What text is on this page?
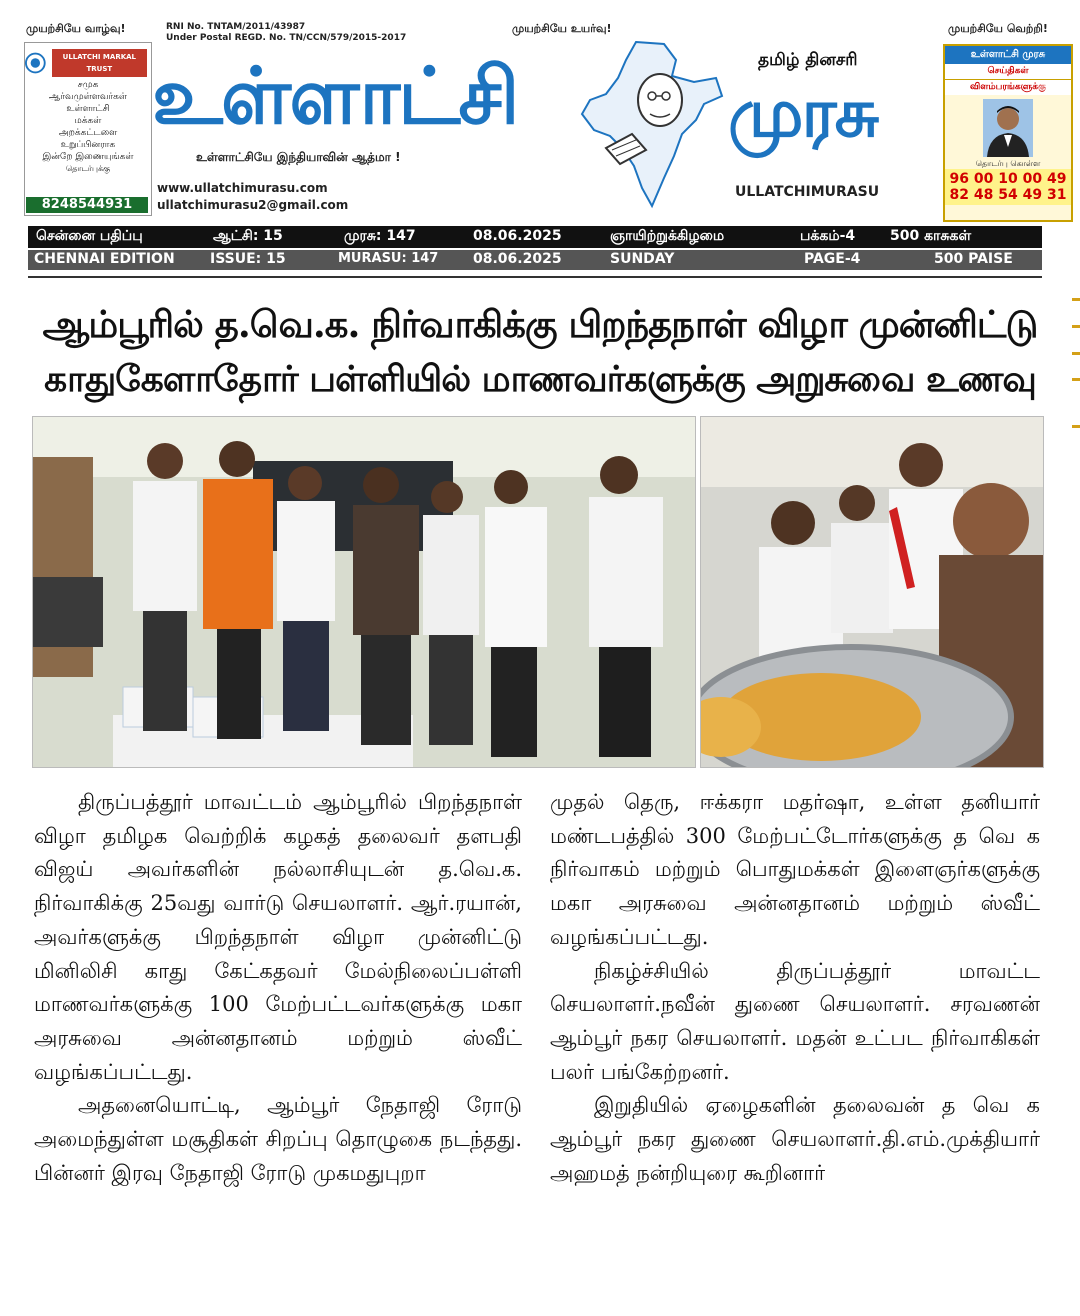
முயற்சியே வாழ்வு!	முயற்சியே உயர்வு!	முயற்சியே வெற்றி!
ULLATCHI MARKAL TRUST
சமுக
ஆர்வமுள்ளவர்கள்
உள்ளாட்சி
மக்கள்
அறக்கட்டளை
உறுப்பினராக
இன்றே இணையுங்கள்
தொடர்புக்கு
8248544931
RNI No. TNTAM/2011/43987
Under Postal REGD. No. TN/CCN/579/2015-2017
உள்ளாட்சி	முரசு
தமிழ் தினசரி
உள்ளாட்சியே இந்தியாவின் ஆத்மா !
www.ullatchimurasu.com
ullatchimurasu2@gmail.com
ULLATCHIMURASU
உள்ளாட்சி முரசு
செய்திகள்
விளம்பரங்களுக்கு
தொடர்பு கொள்ள
96 00 10 00 49
82 48 54 49 31
சென்னை பதிப்பு	ஆட்சி: 15	முரசு: 147	08.06.2025	ஞாயிற்றுக்கிழமை	பக்கம்-4 500 காசுகள்
CHENNAI EDITION	ISSUE: 15	MURASU: 147 08.06.2025	SUNDAY	PAGE-4	500 PAISE
ஆம்பூரில் த.வெ.க. நிர்வாகிக்கு பிறந்தநாள் விழா முன்னிட்டு
காதுகேளாதோர் பள்ளியில் மாணவர்களுக்கு அறுசுவை உணவு

திருப்பத்தூர் மாவட்டம் ஆம்பூரில் பிறந்தநாள் விழா தமிழக வெற்றிக் கழகத் தலைவர் தளபதி விஜய் அவர்களின் நல்லாசியுடன் த.வெ.க. நிர்வாகிக்கு 25வது வார்டு செயலாளர். ஆர்.ரயான், அவர்களுக்கு பிறந்தநாள் விழா முன்னிட்டு மினிலிசி காது கேட்கதவர் மேல்நிலைப்பள்ளி மாணவர்களுக்கு 100 மேற்பட்டவர்களுக்கு மகா அரசுவை அன்னதானம் மற்றும் ஸ்வீட் வழங்கப்பட்டது.

அதனையொட்டி, ஆம்பூர் நேதாஜி ரோடு அமைந்துள்ள மசூதிகள் சிறப்பு தொழுகை நடந்தது. பின்னர் இரவு நேதாஜி ரோடு முகமதுபுறா

முதல் தெரு, ஈக்கரா மதர்ஷா, உள்ள தனியார் மண்டபத்தில் 300 மேற்பட்டோர்களுக்கு த வெ க நிர்வாகம் மற்றும் பொதுமக்கள் இளைஞர்களுக்கு மகா அரசுவை அன்னதானம் மற்றும் ஸ்வீட் வழங்கப்பட்டது.

நிகழ்ச்சியில் திருப்பத்தூர் மாவட்ட செயலாளர்.நவீன் துணை செயலாளர். சரவணன் ஆம்பூர் நகர செயலாளர். மதன் உட்பட நிர்வாகிகள் பலர் பங்கேற்றனர்.

இறுதியில் ஏழைகளின் தலைவன் த வெ க ஆம்பூர் நகர துணை செயலாளர்.தி.எம்.முக்தியார் அஹமத் நன்றியுரை கூறினார்
